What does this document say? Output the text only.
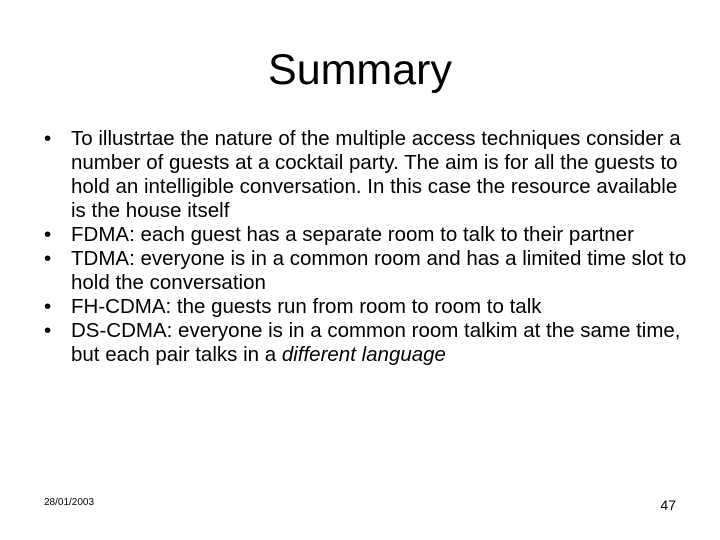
Summary
• To illustrtae the nature of the multiple access techniques consider a number of guests at a cocktail party. The aim is for all the guests to hold an intelligible conversation. In this case the resource available is the house itself
• FDMA: each guest has a separate room to talk to their partner
• TDMA: everyone is in a common room and has a limited time slot to hold the conversation
• FH-CDMA: the guests run from room to room to talk
• DS-CDMA: everyone is in a common room talkim at the same time, but each pair talks in a different language
28/01/2003	47
